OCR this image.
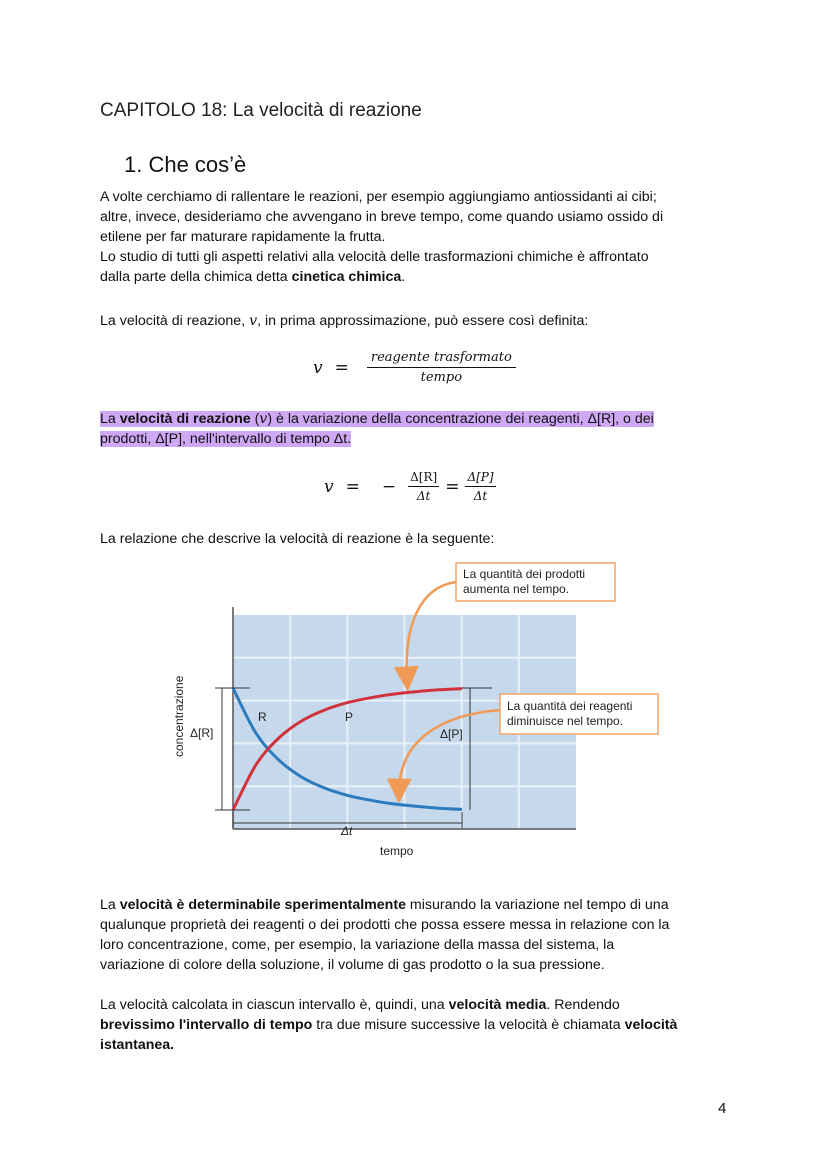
CAPITOLO 18: La velocità di reazione
1. Che cos’è
A volte cerchiamo di rallentare le reazioni, per esempio aggiungiamo antiossidanti ai cibi;
altre, invece, desideriamo che avvengano in breve tempo, come quando usiamo ossido di
etilene per far maturare rapidamente la frutta.
Lo studio di tutti gli aspetti relativi alla velocità delle trasformazioni chimiche è affrontato
dalla parte della chimica detta cinetica chimica.
La velocità di reazione, v, in prima approssimazione, può essere così definita:
$v = \frac{\text{reagente trasformato}}{\text{tempo}}$
La velocità di reazione (v) è la variazione della concentrazione dei reagenti, Δ[R], o dei
prodotti, Δ[P], nell'intervallo di tempo Δt.
v = − $\frac{\Delta[R]}{\Delta t} = \frac{\Delta[P]}{\Delta t}$
La relazione che descrive la velocità di reazione è la seguente:
Δ[R]	Δ[P]
Δt
R	P
tempo
concentrazione
La quantità dei prodotti
aumenta nel tempo.
La quantità dei reagenti
diminuisce nel tempo.
La velocità è determinabile sperimentalmente misurando la variazione nel tempo di una
qualunque proprietà dei reagenti o dei prodotti che possa essere messa in relazione con la
loro concentrazione, come, per esempio, la variazione della massa del sistema, la
variazione di colore della soluzione, il volume di gas prodotto o la sua pressione.
La velocità calcolata in ciascun intervallo è, quindi, una velocità media. Rendendo
brevissimo l'intervallo di tempo tra due misure successive la velocità è chiamata velocità
istantanea.
4
